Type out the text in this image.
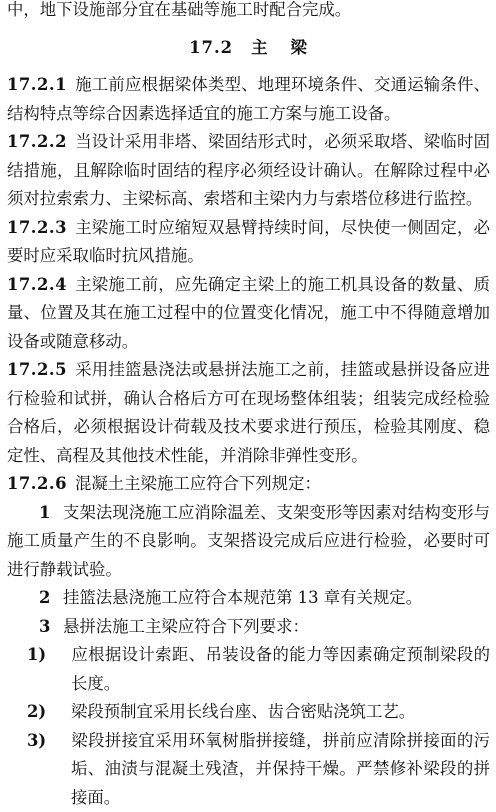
中，地下设施部分宜在基础等施工时配合完成。
17.2 主 梁
17.2.1 施工前应根据梁体类型、地理环境条件、交通运输条件、结构特点等综合因素选择适宜的施工方案与施工设备。
17.2.2 当设计采用非塔、梁固结形式时，必须采取塔、梁临时固结措施，且解除临时固结的程序必须经设计确认。在解除过程中必须对拉索索力、主梁标高、索塔和主梁内力与索塔位移进行监控。
17.2.3 主梁施工时应缩短双悬臂持续时间，尽快使一侧固定，必要时应采取临时抗风措施。
17.2.4 主梁施工前，应先确定主梁上的施工机具设备的数量、质量、位置及其在施工过程中的位置变化情况，施工中不得随意增加设备或随意移动。
17.2.5 采用挂篮悬浇法或悬拼法施工之前，挂篮或悬拼设备应进行检验和试拼，确认合格后方可在现场整体组装；组装完成经检验合格后，必须根据设计荷载及技术要求进行预压，检验其刚度、稳定性、高程及其他技术性能，并消除非弹性变形。
17.2.6 混凝土主梁施工应符合下列规定：
1 支架法现浇施工应消除温差、支架变形等因素对结构变形与施工质量产生的不良影响。支架搭设完成后应进行检验，必要时可进行静载试验。
2 挂篮法悬浇施工应符合本规范第 13 章有关规定。
3 悬拼法施工主梁应符合下列要求：
1) 应根据设计索距、吊装设备的能力等因素确定预制梁段的长度。
2) 梁段预制宜采用长线台座、齿合密贴浇筑工艺。
3) 梁段拼接宜采用环氧树脂拼接缝，拼前应清除拼接面的污垢、油渍与混凝土残渣，并保持干燥。严禁修补梁段的拼接面。
